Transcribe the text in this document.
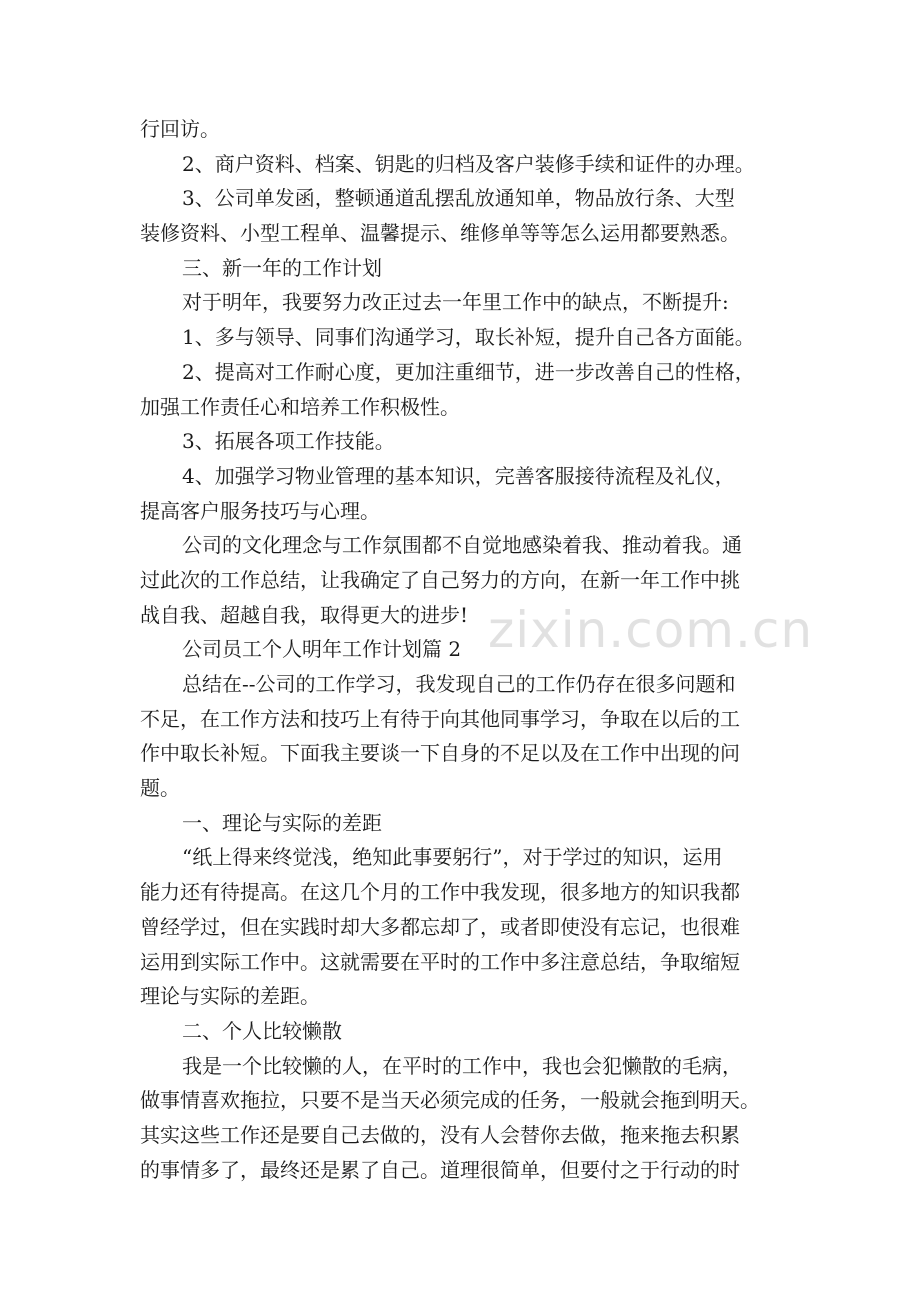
行回访。
2、商户资料、档案、钥匙的归档及客户装修手续和证件的办理。
3、公司单发函，整顿通道乱摆乱放通知单，物品放行条、大型
装修资料、小型工程单、温馨提示、维修单等等怎么运用都要熟悉。
三、新一年的工作计划
对于明年，我要努力改正过去一年里工作中的缺点，不断提升:
1、多与领导、同事们沟通学习，取长补短，提升自己各方面能。
2、提高对工作耐心度，更加注重细节，进一步改善自己的性格，
加强工作责任心和培养工作积极性。
3、拓展各项工作技能。
4、加强学习物业管理的基本知识，完善客服接待流程及礼仪，
提高客户服务技巧与心理。
公司的文化理念与工作氛围都不自觉地感染着我、推动着我。通
过此次的工作总结，让我确定了自己努力的方向，在新一年工作中挑
战自我、超越自我，取得更大的进步!
公司员工个人明年工作计划篇 2
总结在--公司的工作学习，我发现自己的工作仍存在很多问题和
不足，在工作方法和技巧上有待于向其他同事学习，争取在以后的工
作中取长补短。下面我主要谈一下自身的不足以及在工作中出现的问
题。
一、理论与实际的差距
“纸上得来终觉浅，绝知此事要躬行”，对于学过的知识，运用
能力还有待提高。在这几个月的工作中我发现，很多地方的知识我都
曾经学过，但在实践时却大多都忘却了，或者即使没有忘记，也很难
运用到实际工作中。这就需要在平时的工作中多注意总结，争取缩短
理论与实际的差距。
二、个人比较懒散
我是一个比较懒的人，在平时的工作中，我也会犯懒散的毛病，
做事情喜欢拖拉，只要不是当天必须完成的任务，一般就会拖到明天。
其实这些工作还是要自己去做的，没有人会替你去做，拖来拖去积累
的事情多了，最终还是累了自己。道理很简单，但要付之于行动的时
zixin.com.cn
